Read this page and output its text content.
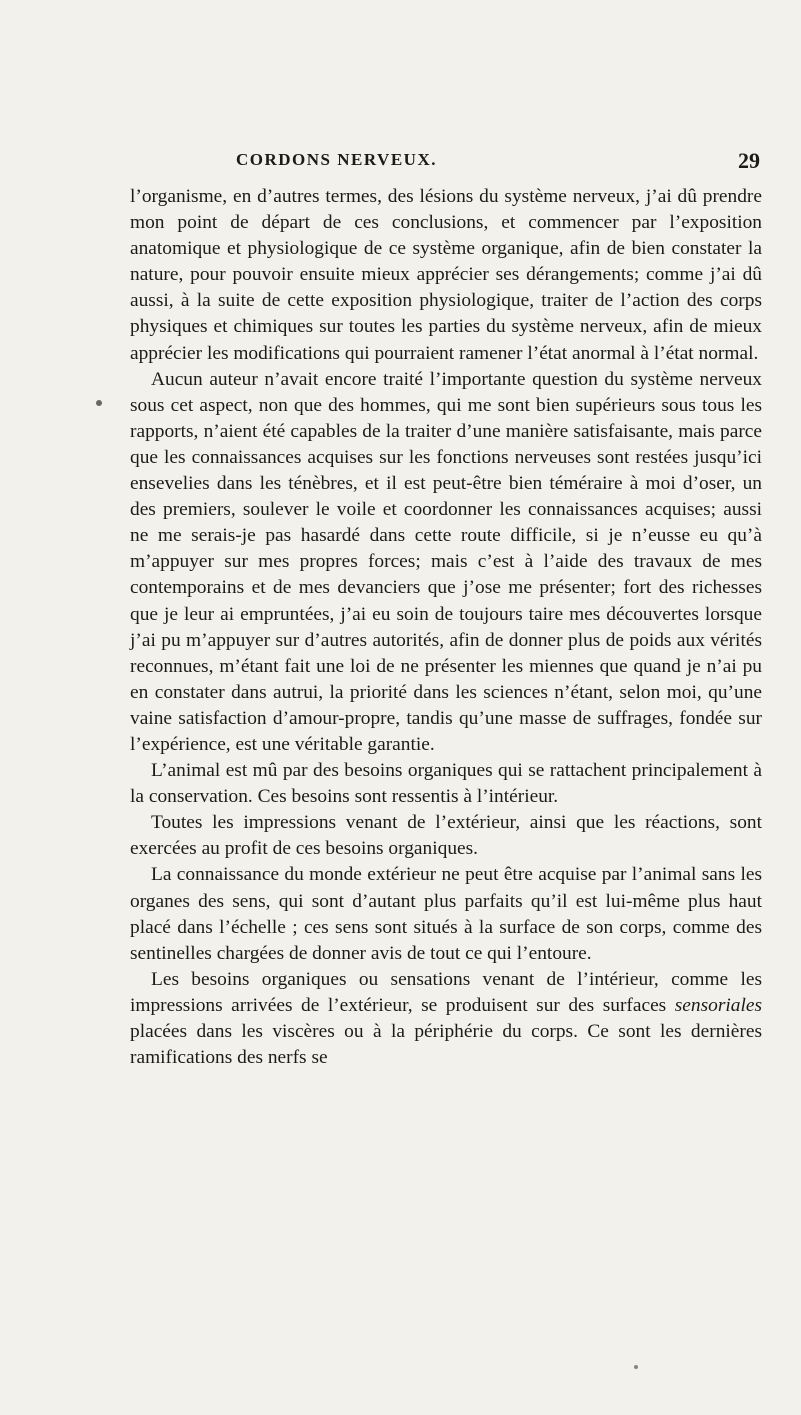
CORDONS NERVEUX.	29

l’organisme, en d’autres termes, des lésions du système nerveux, j’ai dû prendre mon point de départ de ces conclusions, et commencer par l’exposition anatomique et physiologique de ce système organique, afin de bien constater la nature, pour pouvoir ensuite mieux apprécier ses dérangements; comme j’ai dû aussi, à la suite de cette exposition physiologique, traiter de l’action des corps physiques et chimiques sur toutes les parties du système nerveux, afin de mieux apprécier les modifications qui pourraient ramener l’état anormal à l’état normal.

Aucun auteur n’avait encore traité l’importante question du système nerveux sous cet aspect, non que des hommes, qui me sont bien supérieurs sous tous les rapports, n’aient été capables de la traiter d’une manière satisfaisante, mais parce que les connaissances acquises sur les fonctions nerveuses sont restées jusqu’ici ensevelies dans les ténèbres, et il est peut-être bien téméraire à moi d’oser, un des premiers, soulever le voile et coordonner les connaissances acquises; aussi ne me serais-je pas hasardé dans cette route difficile, si je n’eusse eu qu’à m’appuyer sur mes propres forces; mais c’est à l’aide des travaux de mes contemporains et de mes devanciers que j’ose me présenter; fort des richesses que je leur ai empruntées, j’ai eu soin de toujours taire mes découvertes lorsque j’ai pu m’appuyer sur d’autres autorités, afin de donner plus de poids aux vérités reconnues, m’étant fait une loi de ne présenter les miennes que quand je n’ai pu en constater dans autrui, la priorité dans les sciences n’étant, selon moi, qu’une vaine satisfaction d’amour-propre, tandis qu’une masse de suffrages, fondée sur l’expérience, est une véritable garantie.

L’animal est mû par des besoins organiques qui se rattachent principalement à la conservation. Ces besoins sont ressentis à l’intérieur.

Toutes les impressions venant de l’extérieur, ainsi que les réactions, sont exercées au profit de ces besoins organiques.

La connaissance du monde extérieur ne peut être acquise par l’animal sans les organes des sens, qui sont d’autant plus parfaits qu’il est lui-même plus haut placé dans l’échelle ; ces sens sont situés à la surface de son corps, comme des sentinelles chargées de donner avis de tout ce qui l’entoure.

Les besoins organiques ou sensations venant de l’intérieur, comme les impressions arrivées de l’extérieur, se produisent sur des surfaces sensoriales placées dans les viscères ou à la périphérie du corps. Ce sont les dernières ramifications des nerfs se
